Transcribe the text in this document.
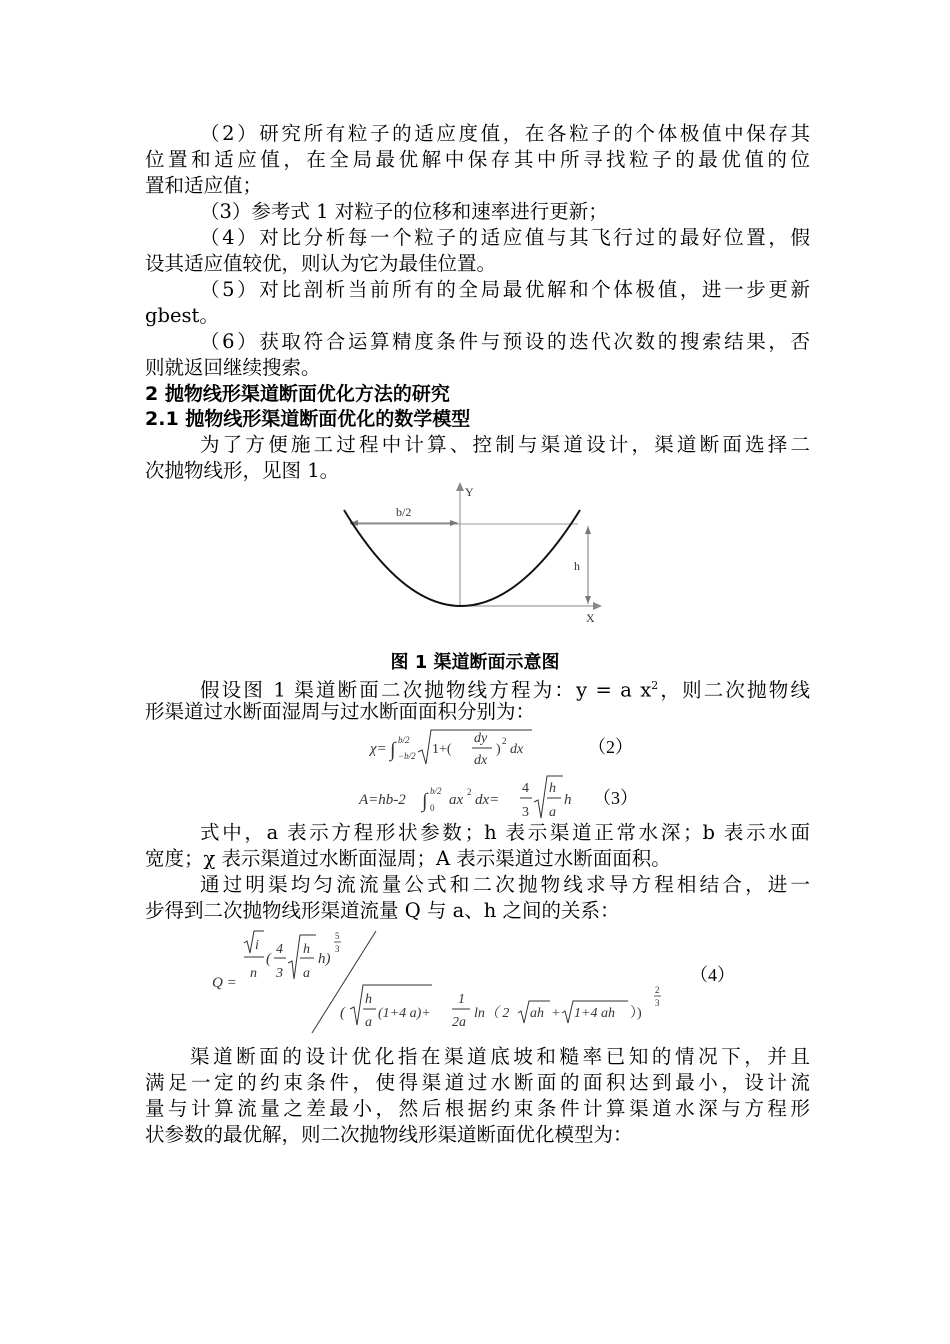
（2）研究所有粒子的适应度值，在各粒子的个体极值中保存其
位置和适应值，在全局最优解中保存其中所寻找粒子的最优值的位
置和适应值；
（3）参考式 1 对粒子的位移和速率进行更新；
（4）对比分析每一个粒子的适应值与其飞行过的最好位置，假
设其适应值较优，则认为它为最佳位置。
（5）对比剖析当前所有的全局最优解和个体极值，进一步更新
gbest。
（6）获取符合运算精度条件与预设的迭代次数的搜索结果，否
则就返回继续搜索。
2 抛物线形渠道断面优化方法的研究
2.1 抛物线形渠道断面优化的数学模型
为了方便施工过程中计算、控制与渠道设计，渠道断面选择二
次抛物线形，见图 1。
Y
X
b/2
h
图 1 渠道断面示意图
假设图 1 渠道断面二次抛物线方程为：y = a $x^2$，则二次抛物线
形渠道过水断面湿周与过水断面面积分别为：
χ= ∫ b/2
−b/2 1+(
dy
dx
)
2
dx	（2）
A=hb-2 ∫ b/2
0 ax 2 dx=
4
3
h
a
h （3）
式中，a 表示方程形状参数；h 表示渠道正常水深；b 表示水面
宽度；χ 表示渠道过水断面湿周；A 表示渠道过水断面面积。
通过明渠均匀流流量公式和二次抛物线求导方程相结合，进一
步得到二次抛物线形渠道流量 Q 与 a、h 之间的关系：
Q =
i
n
(
4
3
h
a
h)
5
3
(
h
a
(1+4 a)+
1
2a
ln（ 2 ah + 1+4 ah ）)
2
3
（4）
渠道断面的设计优化指在渠道底坡和糙率已知的情况下，并且
满足一定的约束条件，使得渠道过水断面的面积达到最小，设计流
量与计算流量之差最小，然后根据约束条件计算渠道水深与方程形
状参数的最优解，则二次抛物线形渠道断面优化模型为：
